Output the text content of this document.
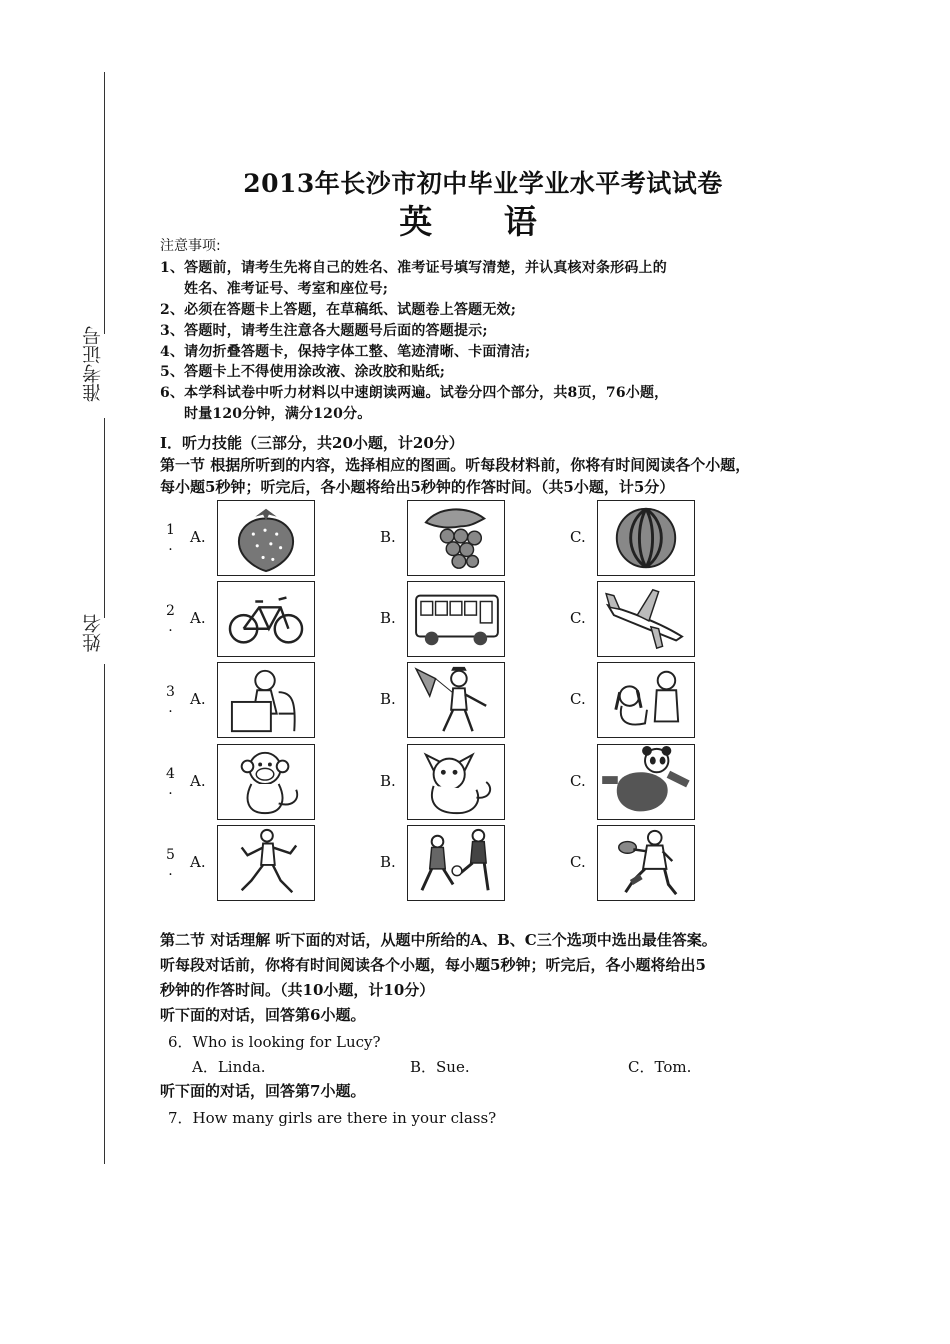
准考证号
姓名
2013年长沙市初中毕业学业水平考试试卷
英 语
注意事项:
1、答题前，请考生先将自己的姓名、准考证号填写清楚，并认真核对条形码上的
姓名、准考证号、考室和座位号;
2、必须在答题卡上答题，在草稿纸、试题卷上答题无效;
3、答题时，请考生注意各大题题号后面的答题提示;
4、请勿折叠答题卡，保持字体工整、笔迹清晰、卡面清洁;
5、答题卡上不得使用涂改液、涂改胶和贴纸;
6、本学科试卷中听力材料以中速朗读两遍。试卷分四个部分，共8页，76小题，
时量120分钟，满分120分。
I．听力技能（三部分，共20小题，计20分）
第一节 根据所听到的内容，选择相应的图画。听每段材料前，你将有时间阅读各个小题，
每小题5秒钟；听完后，各小题将给出5秒钟的作答时间。（共5小题，计5分）
1
. A.	B.	C.
2
. A.	B.	C.
3
. A.	B.	C.
4
. A.	B.	C.
5
. A.	B.	C.
第二节 对话理解 听下面的对话，从题中所给的A、B、C三个选项中选出最佳答案。
听每段对话前，你将有时间阅读各个小题，每小题5秒钟；听完后，各小题将给出5
秒钟的作答时间。（共10小题，计10分）
听下面的对话，回答第6小题。
6．Who is looking for Lucy?
A．Linda.	B．Sue.	C．Tom.
听下面的对话，回答第7小题。
7．How many girls are there in your class?
